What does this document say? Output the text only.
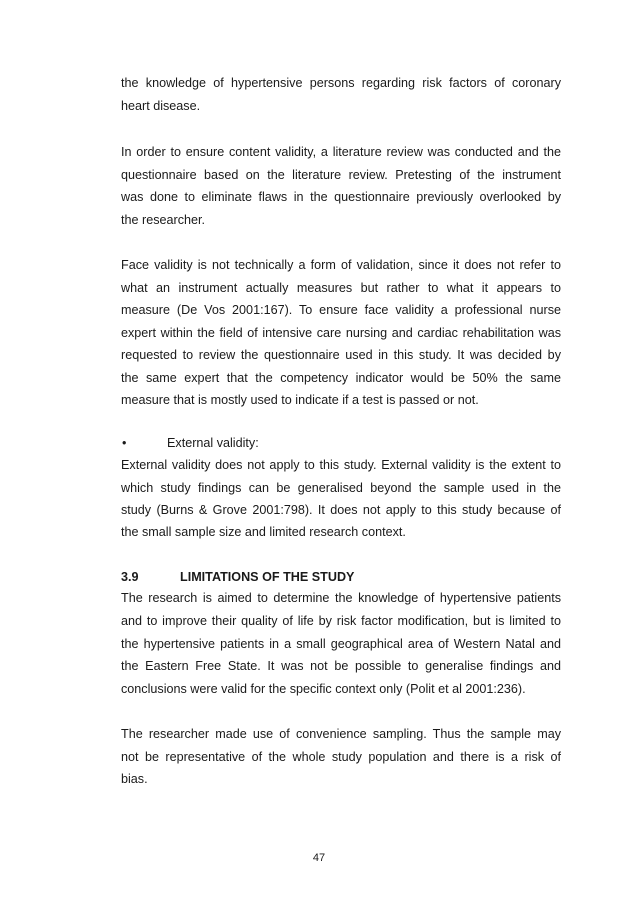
the knowledge of hypertensive persons regarding risk factors of coronary
heart disease.
In order to ensure content validity, a literature review was conducted and the
questionnaire based on the literature review. Pretesting of the instrument
was done to eliminate flaws in the questionnaire previously overlooked by
the researcher.
Face validity is not technically a form of validation, since it does not refer to
what an instrument actually measures but rather to what it appears to
measure (De Vos 2001:167). To ensure face validity a professional nurse
expert within the field of intensive care nursing and cardiac rehabilitation was
requested to review the questionnaire used in this study. It was decided by
the same expert that the competency indicator would be 50% the same
measure that is mostly used to indicate if a test is passed or not.
•	External validity:
External validity does not apply to this study. External validity is the extent to
which study findings can be generalised beyond the sample used in the
study (Burns & Grove 2001:798). It does not apply to this study because of
the small sample size and limited research context.
3.9	LIMITATIONS OF THE STUDY
The research is aimed to determine the knowledge of hypertensive patients
and to improve their quality of life by risk factor modification, but is limited to
the hypertensive patients in a small geographical area of Western Natal and
the Eastern Free State. It was not be possible to generalise findings and
conclusions were valid for the specific context only (Polit et al 2001:236).
The researcher made use of convenience sampling. Thus the sample may
not be representative of the whole study population and there is a risk of
bias.
47
